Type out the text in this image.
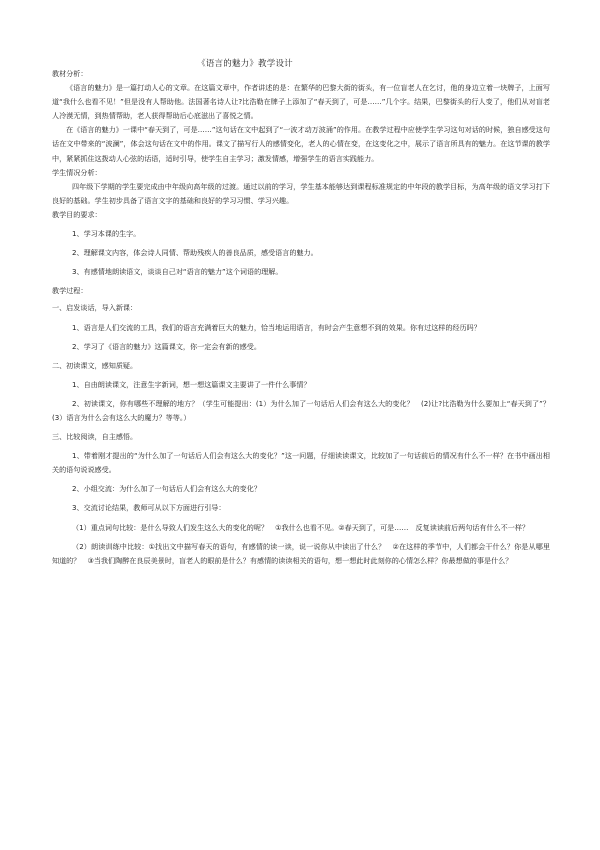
《语言的魅力》教学设计

教材分析：

《语言的魅力》是一篇打动人心的文章。在这篇文章中，作者讲述的是：在繁华的巴黎大街的街头，有一位盲老人在乞讨，他的身边立着一块牌子，上面写道“我什么也看不见！”但是没有人帮助他。法国著名诗人让?比浩勒在牌子上添加了“春天到了，可是……”几个字。结果，巴黎街头的行人变了，他们从对盲老人冷漠无情，到热情帮助，老人获得帮助后心底滋出了喜悦之情。

在《语言的魅力》一课中“春天到了，可是……”这句话在文中起到了“一波才动万波涌”的作用。在教学过程中应使学生学习这句对话的时候，独自感受这句话在文中带来的“波澜”，体会这句话在文中的作用。课文了描写行人的感情变化，老人的心情在变，在这变化之中，展示了语言所具有的魅力。在这节课的教学中，紧紧抓住这拨动人心弦的话语，适时引导，使学生自主学习；激发情感，增强学生的语言实践能力。

学生情况分析：

四年级下学期的学生要完成由中年级向高年级的过渡。通过以前的学习，学生基本能够达到课程标准规定的中年段的教学目标，为高年级的语文学习打下良好的基础。学生初步具备了语言文字的基础和良好的学习习惯、学习兴趣。

教学目的要求：

1、学习本课的生字。

2、理解课文内容，体会诗人同情、帮助残疾人的善良品质，感受语言的魅力。

3、有感情地朗读语文，谈谈自己对“语言的魅力”这个词语的理解。

教学过程：

一、启发谈话，导入新课：

1、语言是人们交流的工具，我们的语言充满着巨大的魅力，恰当地运用语言，有时会产生意想不到的效果。你有过这样的经历吗？

2、学习了《语言的魅力》这篇课文，你一定会有新的感受。

二、初读课文，感知质疑。

1、自由朗读课文，注意生字新词，想一想这篇课文主要讲了一件什么事情？

2、初读课文，你有哪些不理解的地方？（学生可能提出：(1）为什么加了一句话后人们会有这么大的变化？　(2)让?比浩勒为什么要加上“春天到了”？　(3）语言为什么会有这么大的魔力？等等。）

三、比较阅读，自主感悟。

1、带着刚才提出的“为什么加了一句话后人们会有这么大的变化？”这一问题，仔细读读课文，比较加了一句话前后的情况有什么不一样？在书中画出相关的语句说说感受。

2、小组交流：为什么加了一句话后人们会有这么大的变化？

3、交流讨论结果，教师可从以下方面进行引导：

（1）重点词句比较：是什么导致人们发生这么大的变化的呢？　①我什么也看不见。②春天到了，可是……　反复读读前后两句话有什么不一样？

（2）朗读训练中比较：①找出文中描写春天的语句，有感情的读一读，说一说你从中读出了什么？　②在这样的季节中，人们都会干什么？你是从哪里知道的？　③当我们陶醉在良辰美景时，盲老人的眼前是什么？有感情的读读相关的语句，想一想此时此刻你的心情怎么样？你最想做的事是什么？
